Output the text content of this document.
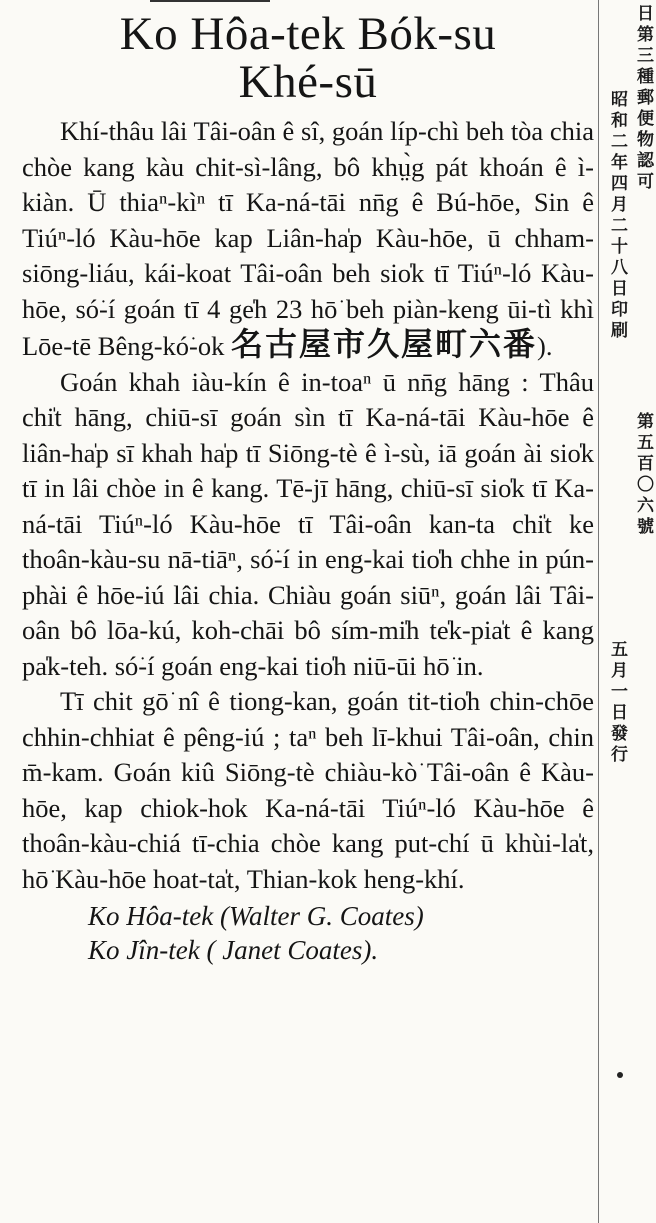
Ko Hôa-tek Bók-su
Khé-sū

Khí-thâu lâi Tâi-oân ê sî, goán líp-chì beh tòa chia chòe kang kàu chit-sì-lâng, bô khṳ̀g pát khoán ê ì-kiàn. Ū thiaⁿ-kìⁿ tī Ka-ná-tāi nn̄g ê Bú-hōe, Sin ê Tiúⁿ-ló Kàu-hōe kap Liân-ha̍p Kàu-hōe, ū chham-siōng-liáu, kái-koat Tâi-oân beh sio̍k tī Tiúⁿ-ló Kàu-hōe, só͘-í goán tī 4 ge̍h 23 hō͘ beh piàn-keng ūi-tì khì Lōe-tē Bêng-kó͘-ok 名古屋市久屋町六番).

Goán khah iàu-kín ê in-toaⁿ ū nn̄g hāng : Thâu chi̍t hāng, chiū-sī goán sìn tī Ka-ná-tāi Kàu-hōe ê liân-ha̍p sī khah ha̍p tī Siōng-tè ê ì-sù, iā goán ài sio̍k tī in lâi chòe in ê kang. Tē-jī hāng, chiū-sī sio̍k tī Ka-ná-tāi Tiúⁿ-ló Kàu-hōe tī Tâi-oân kan-ta chi̍t ke thoân-kàu-su nā-tiāⁿ, só͘-í in eng-kai tio̍h chhe in pún-phài ê hōe-iú lâi chia. Chiàu goán siūⁿ, goán lâi Tâi-oân bô lōa-kú, koh-chāi bô sím-mi̍h te̍k-pia̍t ê kang pa̍k-teh. só͘-í goán eng-kai tio̍h niū-ūi hō͘ in.

Tī chit gō͘ nî ê tiong-kan, goán tit-tio̍h chin-chōe chhin-chhiat ê pêng-iú ; taⁿ beh lī-khui Tâi-oân, chin m̄-kam. Goán kiû Siōng-tè chiàu-kò͘ Tâi-oân ê Kàu-hōe, kap chiok-hok Ka-ná-tāi Tiúⁿ-ló Kàu-hōe ê thoân-kàu-chiá tī-chia chòe kang put-chí ū khùi-la̍t, hō͘ Kàu-hōe hoat-ta̍t, Thian-kok heng-khí.

Ko Hôa-tek (Walter G. Coates)
Ko Jîn-tek ( Janet Coates).
昭和二年四月二十八日印刷
五月一日發行
日第三種郵便物認可
第五百〇六號
